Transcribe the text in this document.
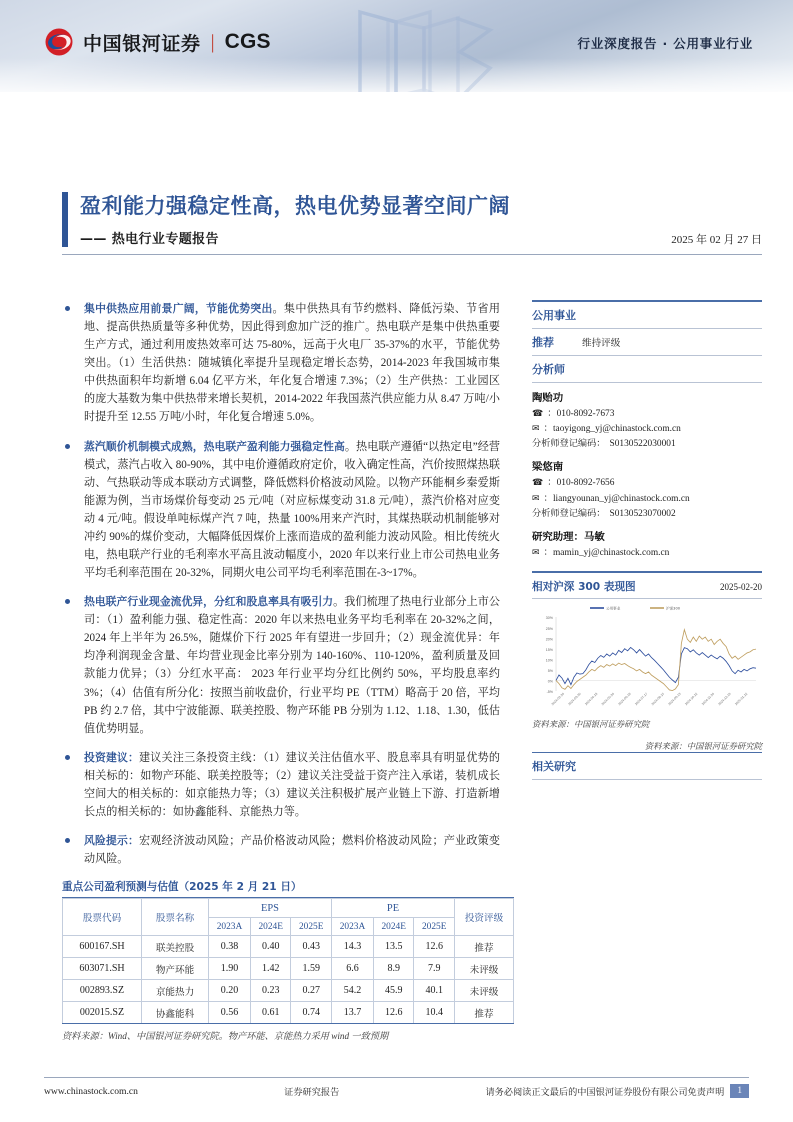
中国银河证券 | CGS	行业深度报告 · 公用事业行业
盈利能力强稳定性高，热电优势显著空间广阔
—— 热电行业专题报告	2025 年 02 月 27 日
集中供热应用前景广阔，节能优势突出。集中供热具有节约燃料、降低污染、节省用地、提高供热质量等多种优势，因此得到愈加广泛的推广。热电联产是集中供热重要生产方式，通过利用废热效率可达 75-80%，远高于火电厂 35-37%的水平，节能优势突出。（1）生活供热：随城镇化率提升呈现稳定增长态势，2014-2023 年我国城市集中供热面积年均新增 6.04 亿平方米，年化复合增速 7.3%；（2）生产供热：工业园区的庞大基数为集中供热带来增长契机，2014-2022 年我国蒸汽供应能力从 8.47 万吨/小时提升至 12.55 万吨/小时，年化复合增速 5.0%。
蒸汽顺价机制模式成熟，热电联产盈利能力强稳定性高。热电联产遵循“以热定电”经营模式，蒸汽占收入 80-90%，其中电价遵循政府定价，收入确定性高，汽价按照煤热联动、气热联动等成本联动方式调整，降低燃料价格波动风险。以物产环能桐乡秦爱斯能源为例，当市场煤价每变动 25 元/吨（对应标煤变动 31.8 元/吨），蒸汽价格对应变动 4 元/吨。假设单吨标煤产汽 7 吨，热量 100%用来产汽时，其煤热联动机制能够对冲约 90%的煤价变动，大幅降低因煤价上涨而造成的盈利能力波动风险。相比传统火电，热电联产行业的毛利率水平高且波动幅度小，2020 年以来行业上市公司热电业务平均毛利率范围在 20-32%，同期火电公司平均毛利率范围在-3~17%。
热电联产行业现金流优异，分红和股息率具有吸引力。我们梳理了热电行业部分上市公司：（1）盈利能力强、稳定性高：2020 年以来热电业务平均毛利率在 20-32%之间，2024 年上半年为 26.5%，随煤价下行 2025 年有望进一步回升；（2）现金流优异：年均净利润现金含量、年均营业现金比率分别为 140-160%、110-120%，盈利质量及回款能力优异；（3）分红水平高： 2023 年行业平均分红比例约 50%，平均股息率约 3%；（4）估值有所分化：按照当前收盘价，行业平均 PE（TTM）略高于 20 倍，平均 PB 约 2.7 倍，其中宁波能源、联美控股、物产环能 PB 分别为 1.12、1.18、1.30，低估值优势明显。
投资建议：建议关注三条投资主线：（1）建议关注估值水平、股息率具有明显优势的相关标的：如物产环能、联美控股等；（2）建议关注受益于资产注入承诺，装机成长空间大的相关标的：如京能热力等；（3）建议关注积极扩展产业链上下游、打造新增长点的相关标的：如协鑫能科、京能热力等。
风险提示：宏观经济波动风险；产品价格波动风险；燃料价格波动风险；产业政策变动风险。
重点公司盈利预测与估值（2025 年 2 月 21 日）
股票代码	股票名称	EPS			PE			投资评级
		2023A	2024E	2025E	2023A	2024E	2025E	
600167.SH	联美控股	0.38	0.40	0.43	14.3	13.5	12.6	推荐
603071.SH	物产环能	1.90	1.42	1.59	6.6	8.9	7.9	未评级
002893.SZ	京能热力	0.20	0.23	0.27	54.2	45.9	40.1	未评级
002015.SZ	协鑫能科	0.56	0.61	0.74	13.7	12.6	10.4	推荐
资料来源：Wind、中国银河证券研究院。物产环能、京能热力采用 wind 一致预期
公用事业
推荐	维持评级
分析师
陶贻功
☎ ：010-8092-7673
✉ ：taoyigong_yj@chinastock.com.cn
分析师登记编码： S0130522030001
梁悠南
☎ ：010-8092-7656
✉ ：liangyounan_yj@chinastock.com.cn
分析师登记编码： S0130523070002
研究助理：马敏
✉ ：mamin_yj@chinastock.com.cn
相对沪深 300 表现图	2025-02-20
-5%
0%
5%
10%
15%
20%
25%
30%
公用事业	沪深300
2024-02-20 2024-03-20 2024-04-18 2024-05-20 2024-06-18 2024-07-17 2024-08-15 2024-09-13 2024-10-22 2024-11-20 2024-12-19 2025-01-22
资料来源：中国银河证券研究院
资料来源：中国银河证券研究院
相关研究
www.chinastock.com.cn	证券研究报告	请务必阅读正文最后的中国银河证券股份有限公司免责声明	1
